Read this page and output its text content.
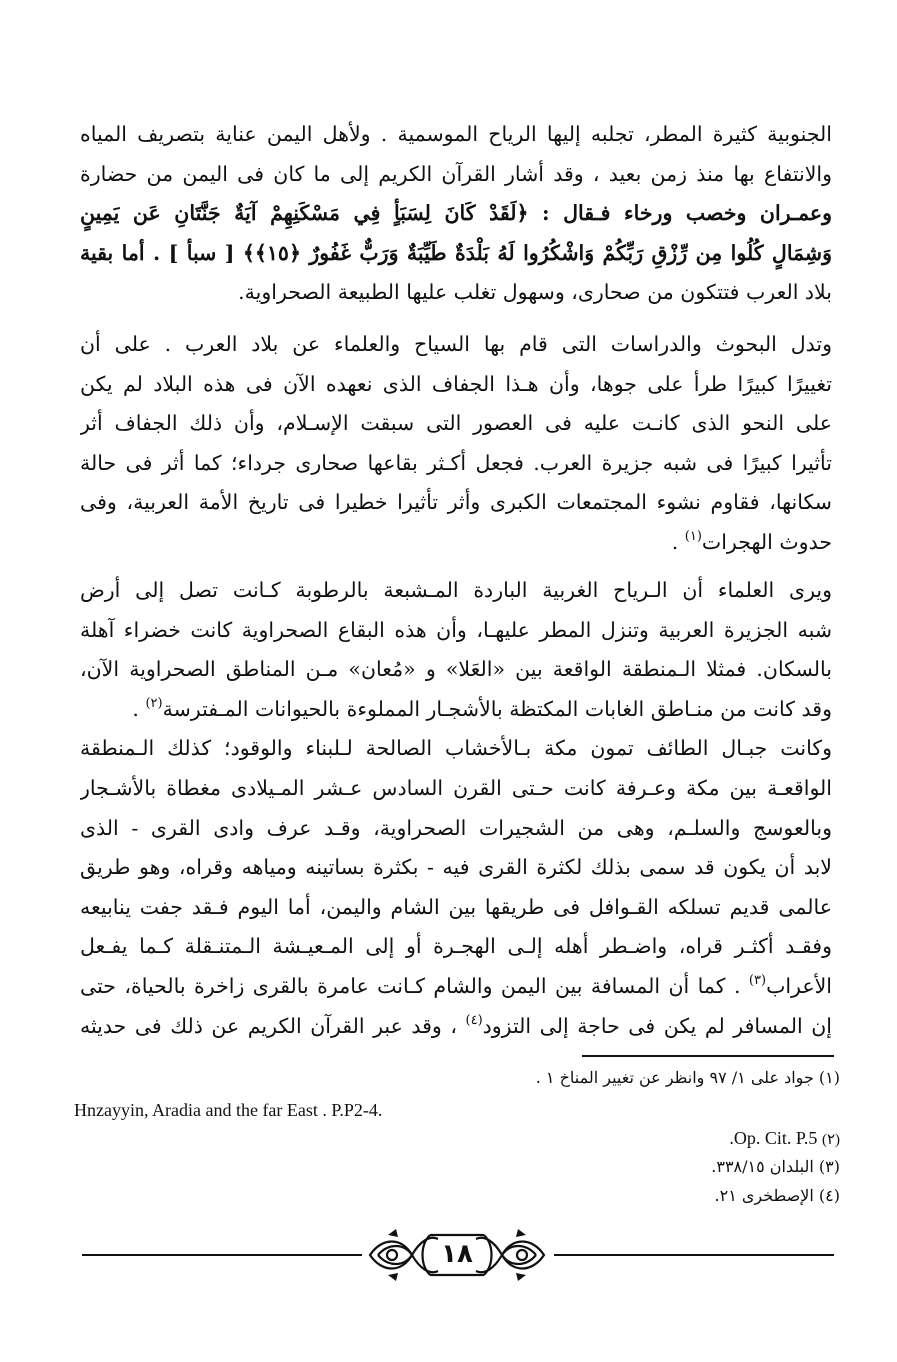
الجنوبية كثيرة المطر، تجلبه إليها الرياح الموسمية . ولأهل اليمن عناية بتصريف المياه
والانتفاع بها منذ زمن بعيد ، وقد أشار القرآن الكريم إلى ما كان فى اليمن من حضارة
وعمـران وخصب ورخاء فـقال : ﴿لَقَدْ كَانَ لِسَبَأٍ فِي مَسْكَنِهِمْ آيَةٌ جَنَّتَانِ عَن يَمِينٍ
وَشِمَالٍ كُلُوا مِن رِّزْقِ رَبِّكُمْ وَاشْكُرُوا لَهُ بَلْدَةٌ طَيِّبَةٌ وَرَبٌّ غَفُورٌ ﴿١٥﴾﴾ [ سبأ ] . أما بقية
بلاد العرب فتتكون من صحارى، وسهول تغلب عليها الطبيعة الصحراوية.
وتدل البحوث والدراسات التى قام بها السياح والعلماء عن بلاد العرب . على أن
تغييرًا كبيرًا طرأ على جوها، وأن هـذا الجفاف الذى نعهده الآن فى هذه البلاد لم يكن
على النحو الذى كانـت عليه فى العصور التى سبقت الإسـلام، وأن ذلك الجفاف أثر
تأثيرا كبيرًا فى شبه جزيرة العرب. فجعل أكـثر بقاعها صحارى جرداء؛ كما أثر فى حالة
سكانها، فقاوم نشوء المجتمعات الكبرى وأثر تأثيرا خطيرا فى تاريخ الأمة العربية، وفى
حدوث الهجرات$^{(١)}$ .
ويرى العلماء أن الـرياح الغربية الباردة المـشبعة بالرطوبة كـانت تصل إلى أرض
شبه الجزيرة العربية وتنزل المطر عليهـا، وأن هذه البقاع الصحراوية كانت خضراء آهلة
بالسكان. فمثلا الـمنطقة الواقعة بين «العَلا» و «مُعان» مـن المناطق الصحراوية الآن،
وقد كانت من منـاطق الغابات المكتظة بالأشجـار المملوءة بالحيوانات المـفترسة$^{(٢)}$ .
وكانت جبـال الطائف تمون مكة بـالأخشاب الصالحة لـلبناء والوقود؛ كذلك الـمنطقة
الواقعـة بين مكة وعـرفة كانت حـتى القرن السادس عـشر المـيلادى مغطاة بالأشـجار
وبالعوسج والسلـم، وهى من الشجيرات الصحراوية، وقـد عرف وادى القرى - الذى
لابد أن يكون قد سمى بذلك لكثرة القرى فيه - بكثرة بساتينه ومياهه وقراه، وهو طريق
عالمى قديم تسلكه القـوافل فى طريقها بين الشام واليمن، أما اليوم فـقد جفت ينابيعه
وفقـد أكثـر قراه، واضـطر أهله إلـى الهجـرة أو إلى المـعيـشة الـمتنـقلة كـما يفـعل
الأعراب$^{(٣)}$ . كما أن المسافة بين اليمن والشام كـانت عامرة بالقرى زاخرة بالحياة، حتى
إن المسافر لم يكن فى حاجة إلى التزود$^{(٤)}$ ، وقد عبر القرآن الكريم عن ذلك فى حديثه
(١) جواد على ١/ ٩٧ وانظر عن تغيير المناخ ١ .
Hnzayyin, Aradia and the far East . P.P2-4.
.Op. Cit. P.5 (٢)
(٣) البلدان ٣٣٨/١٥.
(٤) الإصطخرى ٢١.
١٨
